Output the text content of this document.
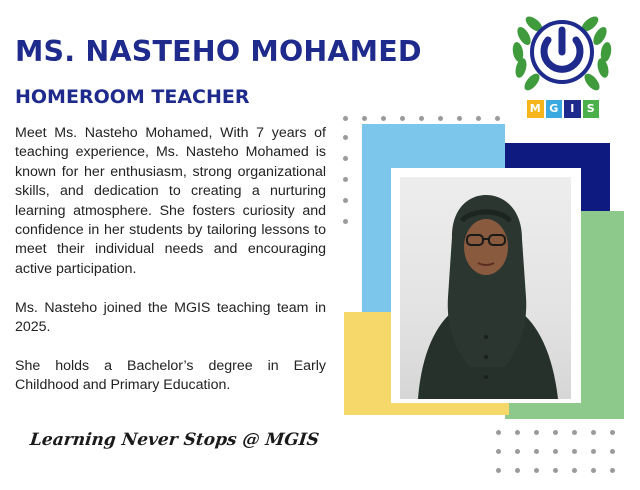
MS. NASTEHO MOHAMED
HOMEROOM TEACHER

Meet Ms. Nasteho Mohamed, With 7 years of teaching experience, Ms. Nasteho Mohamed is known for her enthusiasm, strong organizational skills, and dedication to creating a nurturing learning atmosphere. She fosters curiosity and confidence in her students by tailoring lessons to meet their individual needs and encouraging active participation.

Ms. Nasteho joined the MGIS teaching team in 2025.

She holds a Bachelor’s degree in Early Childhood and Primary Education.

Learning Never Stops @ MGIS
M G	I	S
